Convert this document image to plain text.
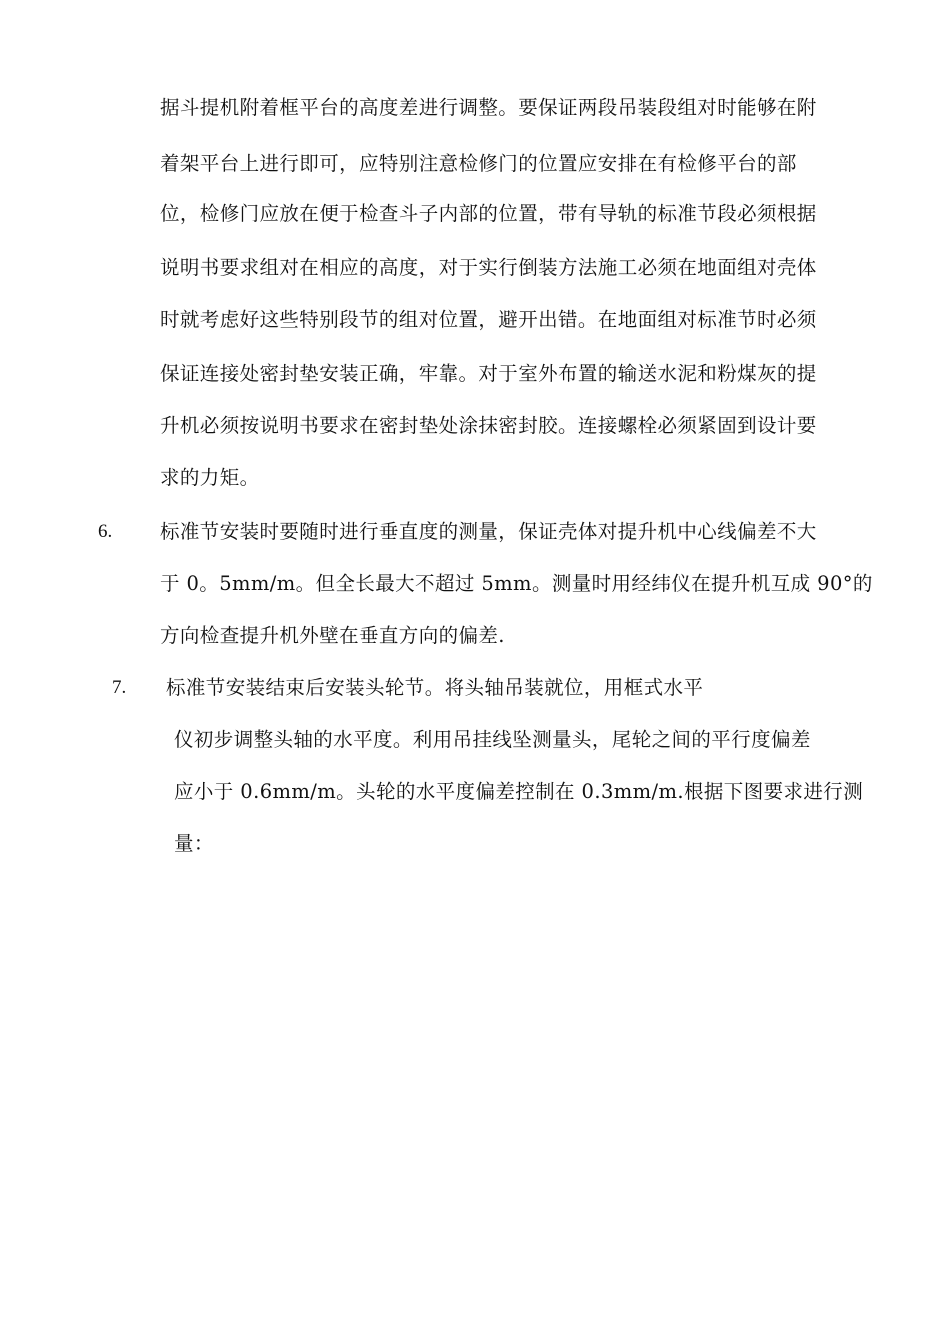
据斗提机附着框平台的高度差进行调整。要保证两段吊装段组对时能够在附
着架平台上进行即可，应特别注意检修门的位置应安排在有检修平台的部
位，检修门应放在便于检查斗子内部的位置，带有导轨的标准节段必须根据
说明书要求组对在相应的高度，对于实行倒装方法施工必须在地面组对壳体
时就考虑好这些特别段节的组对位置，避开出错。在地面组对标准节时必须
保证连接处密封垫安装正确，牢靠。对于室外布置的输送水泥和粉煤灰的提
升机必须按说明书要求在密封垫处涂抹密封胶。连接螺栓必须紧固到设计要
求的力矩。
6. 标准节安装时要随时进行垂直度的测量，保证壳体对提升机中心线偏差不大
于 0。5mm/m。但全长最大不超过 5mm。测量时用经纬仪在提升机互成 90°的
方向检查提升机外壁在垂直方向的偏差.
7. 标准节安装结束后安装头轮节。将头轴吊装就位，用框式水平
仪初步调整头轴的水平度。利用吊挂线坠测量头，尾轮之间的平行度偏差
应小于 0.6mm/m。头轮的水平度偏差控制在 0.3mm/m.根据下图要求进行测
量：
